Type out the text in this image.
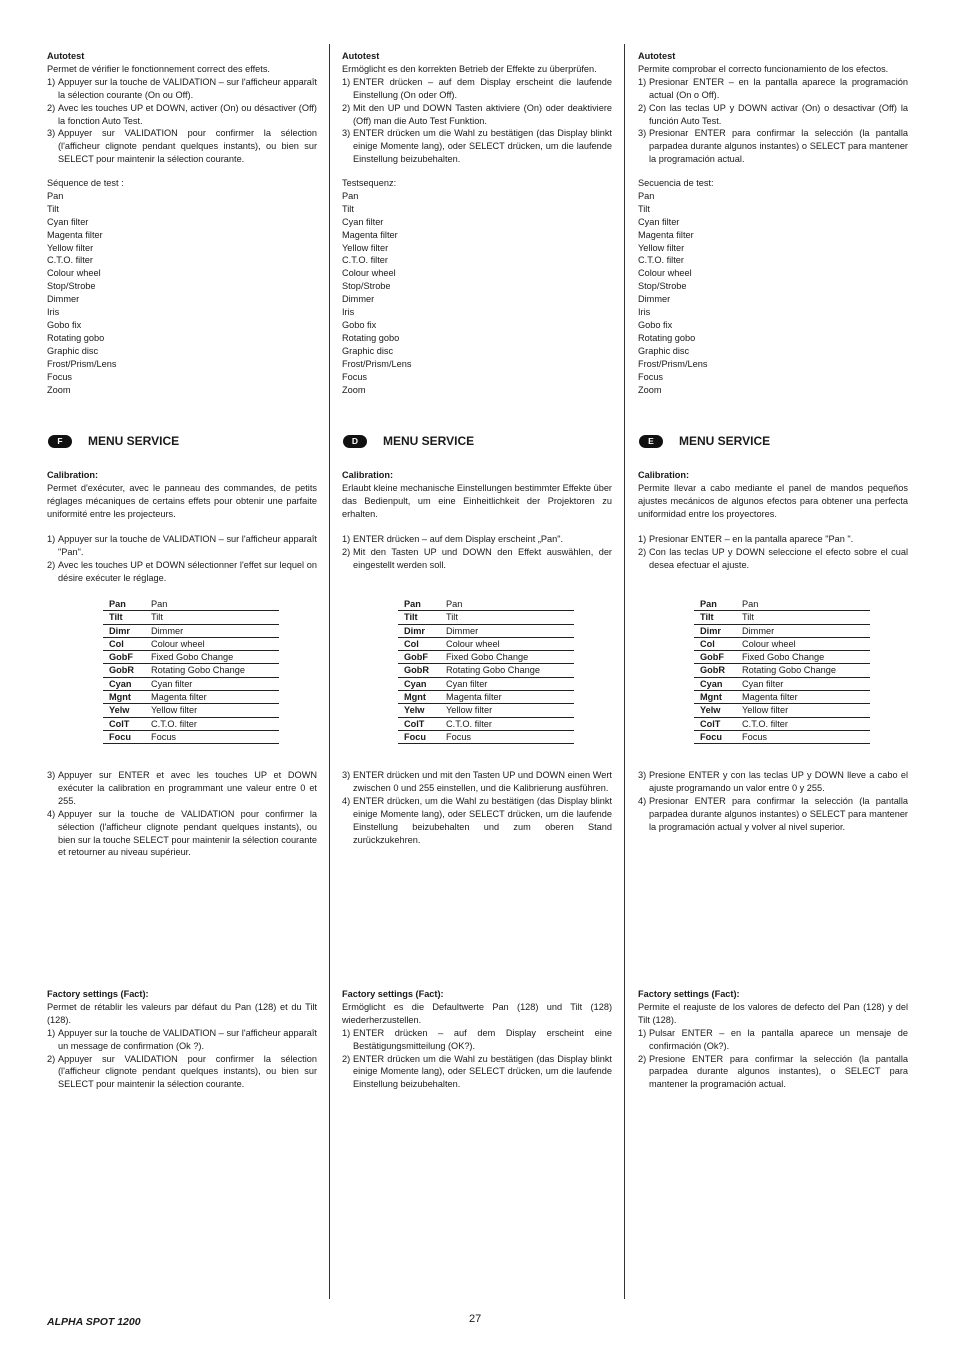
Autotest
Permet de vérifier le fonctionnement correct des effets.
1) Appuyer sur la touche de VALIDATION – sur l'afficheur apparaît la sélection courante (On ou Off).
2) Avec les touches UP et DOWN, activer (On) ou désactiver (Off) la fonction Auto Test.
3) Appuyer sur VALIDATION pour confirmer la sélection (l'afficheur clignote pendant quelques instants), ou bien sur SELECT pour maintenir la sélection courante.
Séquence de test :
Pan
Tilt
Cyan filter
Magenta filter
Yellow filter
C.T.O. filter
Colour wheel
Stop/Strobe
Dimmer
Iris
Gobo fix
Rotating gobo
Graphic disc
Frost/Prism/Lens
Focus
Zoom
F	MENU SERVICE
Calibration:
Permet d'exécuter, avec le panneau des commandes, de petits réglages mécaniques de certains effets pour obtenir une parfaite uniformité entre les projecteurs.
1) Appuyer sur la touche de VALIDATION – sur l'afficheur apparaît "Pan".
2) Avec les touches UP et DOWN sélectionner l'effet sur lequel on désire exécuter le réglage.
Pan	Pan
Tilt	Tilt
Dimr	Dimmer
Col	Colour wheel
GobF	Fixed Gobo Change
GobR	Rotating Gobo Change
Cyan	Cyan filter
Mgnt	Magenta filter
Yelw	Yellow filter
ColT	C.T.O. filter
Focu	Focus
3) Appuyer sur ENTER et avec les touches UP et DOWN exécuter la calibration en programmant une valeur entre 0 et 255.
4) Appuyer sur la touche de VALIDATION pour confirmer la sélection (l'afficheur clignote pendant quelques instants), ou bien sur la touche SELECT pour maintenir la sélection courante et retourner au niveau supérieur.
Factory settings (Fact):
Permet de rétablir les valeurs par défaut du Pan (128) et du Tilt (128).
1) Appuyer sur la touche de VALIDATION – sur l'afficheur apparaît un message de confirmation (Ok ?).
2) Appuyer sur VALIDATION pour confirmer la sélection (l'afficheur clignote pendant quelques instants), ou bien sur SELECT pour maintenir la sélection courante.
Autotest
Ermöglicht es den korrekten Betrieb der Effekte zu überprüfen.
1) ENTER drücken – auf dem Display erscheint die laufende Einstellung (On oder Off).
2) Mit den UP und DOWN Tasten aktiviere (On) oder deaktiviere (Off) man die Auto Test Funktion.
3) ENTER drücken um die Wahl zu bestätigen (das Display blinkt einige Momente lang), oder SELECT drücken, um die laufende Einstellung beizubehalten.
Testsequenz:
Pan
Tilt
Cyan filter
Magenta filter
Yellow filter
C.T.O. filter
Colour wheel
Stop/Strobe
Dimmer
Iris
Gobo fix
Rotating gobo
Graphic disc
Frost/Prism/Lens
Focus
Zoom
D	MENU SERVICE
Calibration:
Erlaubt kleine mechanische Einstellungen bestimmter Effekte über das Bedienpult, um eine Einheitlichkeit der Projektoren zu erhalten.
1) ENTER drücken – auf dem Display erscheint „Pan".
2) Mit den Tasten UP und DOWN den Effekt auswählen, der eingestellt werden soll.
Pan	Pan
Tilt	Tilt
Dimr	Dimmer
Col	Colour wheel
GobF	Fixed Gobo Change
GobR	Rotating Gobo Change
Cyan	Cyan filter
Mgnt	Magenta filter
Yelw	Yellow filter
ColT	C.T.O. filter
Focu	Focus
3) ENTER drücken und mit den Tasten UP und DOWN einen Wert zwischen 0 und 255 einstellen, und die Kalibrierung ausführen.
4) ENTER drücken, um die Wahl zu bestätigen (das Display blinkt einige Momente lang), oder SELECT drücken, um die laufende Einstellung beizubehalten und zum oberen Stand zurückzukehren.
Factory settings (Fact):
Ermöglicht es die Defaultwerte Pan (128) und Tilt (128) wiederherzustellen.
1) ENTER drücken – auf dem Display erscheint eine Bestätigungsmitteilung (OK?).
2) ENTER drücken um die Wahl zu bestätigen (das Display blinkt einige Momente lang), oder SELECT drücken, um die laufende Einstellung beizubehalten.
Autotest
Permite comprobar el correcto funcionamiento de los efectos.
1) Presionar ENTER – en la pantalla aparece la programación actual (On o Off).
2) Con las teclas UP y DOWN activar (On) o desactivar (Off) la función Auto Test.
3) Presionar ENTER para confirmar la selección (la pantalla parpadea durante algunos instantes) o SELECT para mantener la programación actual.
Secuencia de test:
Pan
Tilt
Cyan filter
Magenta filter
Yellow filter
C.T.O. filter
Colour wheel
Stop/Strobe
Dimmer
Iris
Gobo fix
Rotating gobo
Graphic disc
Frost/Prism/Lens
Focus
Zoom
E	MENU SERVICE
Calibration:
Permite llevar a cabo mediante el panel de mandos pequeños ajustes mecánicos de algunos efectos para obtener una perfecta uniformidad entre los proyectores.
1) Presionar ENTER – en la pantalla aparece "Pan ".
2) Con las teclas UP y DOWN seleccione el efecto sobre el cual desea efectuar el ajuste.
Pan	Pan
Tilt	Tilt
Dimr	Dimmer
Col	Colour wheel
GobF	Fixed Gobo Change
GobR	Rotating Gobo Change
Cyan	Cyan filter
Mgnt	Magenta filter
Yelw	Yellow filter
ColT	C.T.O. filter
Focu	Focus
3) Presione ENTER y con las teclas UP y DOWN lleve a cabo el ajuste programando un valor entre 0 y 255.
4) Presionar ENTER para confirmar la selección (la pantalla parpadea durante algunos instantes) o SELECT para mantener la programación actual y volver al nivel superior.
Factory settings (Fact):
Permite el reajuste de los valores de defecto del Pan (128) y del Tilt (128).
1) Pulsar ENTER – en la pantalla aparece un mensaje de confirmación (Ok?).
2) Presione ENTER para confirmar la selección (la pantalla parpadea durante algunos instantes), o SELECT para mantener la programación actual.
ALPHA SPOT 1200	27
